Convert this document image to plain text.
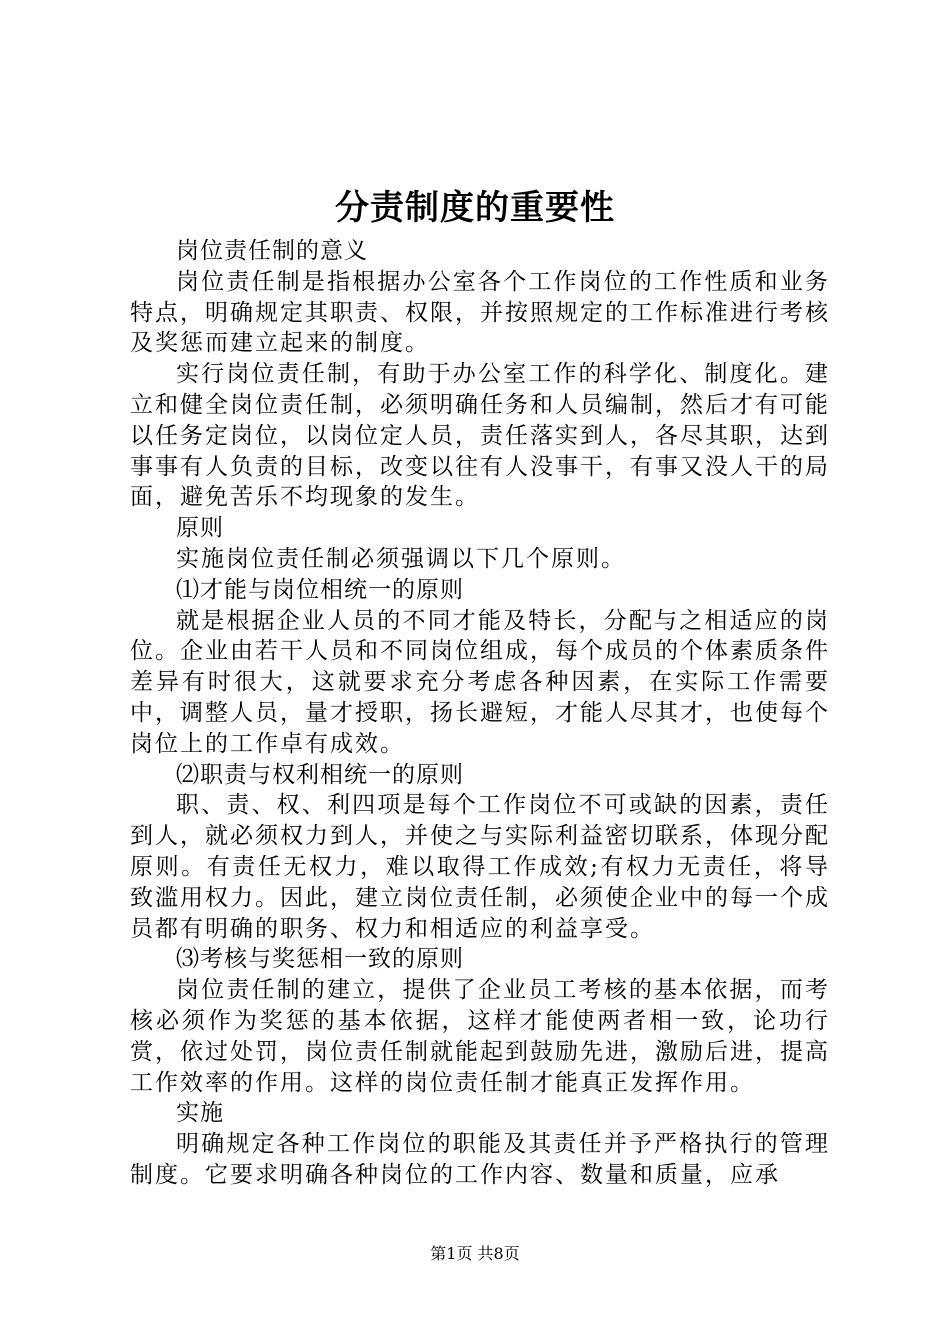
分责制度的重要性

岗位责任制的意义

岗位责任制是指根据办公室各个工作岗位的工作性质和业务特点，明确规定其职责、权限，并按照规定的工作标准进行考核及奖惩而建立起来的制度。

实行岗位责任制，有助于办公室工作的科学化、制度化。建立和健全岗位责任制，必须明确任务和人员编制，然后才有可能以任务定岗位，以岗位定人员，责任落实到人，各尽其职，达到事事有人负责的目标，改变以往有人没事干，有事又没人干的局面，避免苦乐不均现象的发生。

原则

实施岗位责任制必须强调以下几个原则。

⑴才能与岗位相统一的原则

就是根据企业人员的不同才能及特长，分配与之相适应的岗位。企业由若干人员和不同岗位组成，每个成员的个体素质条件差异有时很大，这就要求充分考虑各种因素，在实际工作需要中，调整人员，量才授职，扬长避短，才能人尽其才，也使每个岗位上的工作卓有成效。

⑵职责与权利相统一的原则

职、责、权、利四项是每个工作岗位不可或缺的因素，责任到人，就必须权力到人，并使之与实际利益密切联系，体现分配原则。有责任无权力，难以取得工作成效;有权力无责任，将导致滥用权力。因此，建立岗位责任制，必须使企业中的每一个成员都有明确的职务、权力和相适应的利益享受。

⑶考核与奖惩相一致的原则

岗位责任制的建立，提供了企业员工考核的基本依据，而考核必须作为奖惩的基本依据，这样才能使两者相一致，论功行赏，依过处罚，岗位责任制就能起到鼓励先进，激励后进，提高工作效率的作用。这样的岗位责任制才能真正发挥作用。

实施

明确规定各种工作岗位的职能及其责任并予严格执行的管理制度。它要求明确各种岗位的工作内容、数量和质量，应承

第1页 共8页
